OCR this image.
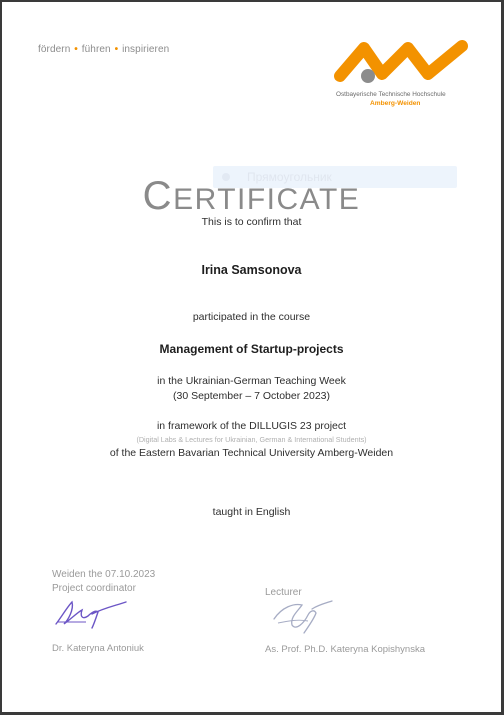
fördern • führen • inspirieren
Ostbayerische Technische Hochschule
Amberg-Weiden
Прямоугольник
CERTIFICATE
This is to confirm that
Irina Samsonova
participated in the course
Management of Startup-projects
in the Ukrainian-German Teaching Week
(30 September – 7 October 2023)
in framework of the DILLUGIS 23 project
(Digital Labs & Lectures for Ukrainian, German & International Students)
of the Eastern Bavarian Technical University Amberg-Weiden
taught in English
Weiden the 07.10.2023
Project coordinator
Dr. Kateryna Antoniuk
Lecturer
As. Prof. Ph.D. Kateryna Kopishynska
